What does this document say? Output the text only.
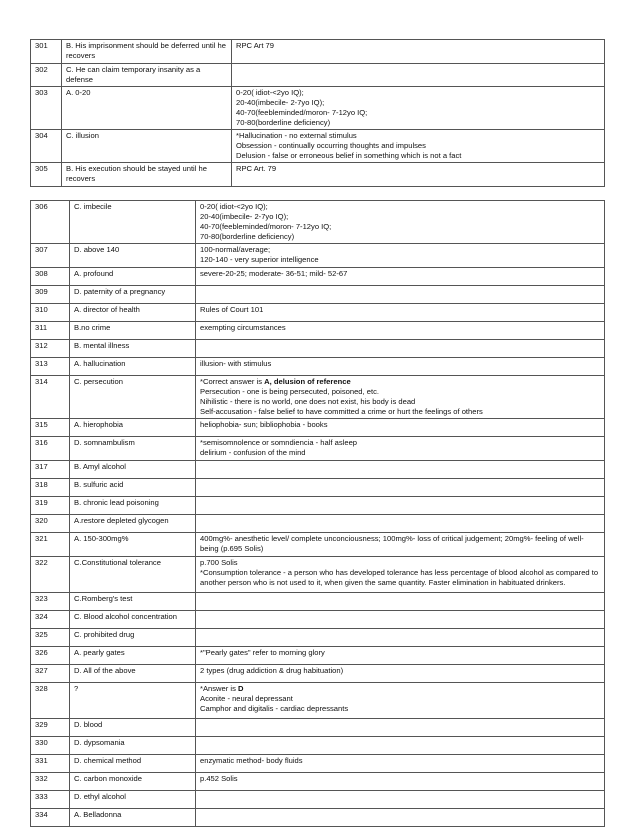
301	B. His imprisonment should be deferred until he recovers	RPC Art 79

302	C. He can claim temporary insanity as a defense	
303	A. 0-20	0-20( idiot-<2yo IQ);
20-40(imbecile- 2-7yo IQ);
40-70(feebleminded/moron- 7-12yo IQ;
70-80(borderline deficiency)

304	C. illusion	*Hallucination - no external stimulus
Obsession - continually occurring thoughts and impulses
Delusion - false or erroneous belief in something which is not a fact

305	B. His execution should be stayed until he recovers	RPC Art. 79
306	C. imbecile	0-20( idiot-<2yo IQ);
20-40(imbecile- 2-7yo IQ);
40-70(feebleminded/moron- 7-12yo IQ;
70-80(borderline deficiency)

307	D. above 140	100-normal/average;
120-140 - very superior intelligence

308	A. profound	severe-20-25; moderate- 36-51; mild- 52-67

309	D. paternity of a pregnancy	
310	A. director of health	Rules of Court 101

311	B.no crime	exempting circumstances

312	B. mental illness	
313	A. hallucination	illusion- with stimulus

314	C. persecution	*Correct answer is A, delusion of reference
Persecution - one is being persecuted, poisoned, etc.
Nihilistic - there is no world, one does not exist, his body is dead
Self-accusation - false belief to have committed a crime or hurt the feelings of others

315	A. hierophobia	heliophobia- sun; bibliophobia - books

316	D. somnambulism	*semisomnolence or somndiencia - half asleep
delirium - confusion of the mind

317	B. Amyl alcohol	
318	B. sulfuric acid	
319	B. chronic lead poisoning	
320	A.restore depleted glycogen	
321	A. 150-300mg%	400mg%- anesthetic level/ complete unconciousness; 100mg%- loss of critical judgement; 20mg%- feeling of well-being (p.695 Solis)

322	C.Constitutional tolerance	p.700 Solis
*Consumption tolerance - a person who has developed tolerance has less percentage of blood alcohol as compared to another person who is not used to it, when given the same quantity. Faster elimination in habituated drinkers.

323	C.Romberg's test	
324	C. Blood alcohol concentration	
325	C. prohibited drug	
326	A. pearly gates	*"Pearly gates" refer to morning glory

327	D. All of the above	2 types (drug addiction & drug habituation)

328	?	*Answer is D
Aconite - neural depressant
Camphor and digitalis - cardiac depressants

329	D. blood	
330	D. dypsomania	
331	D. chemical method	enzymatic method- body fluids

332	C. carbon monoxide	p.452 Solis

333	D. ethyl alcohol	
334	A. Belladonna	
